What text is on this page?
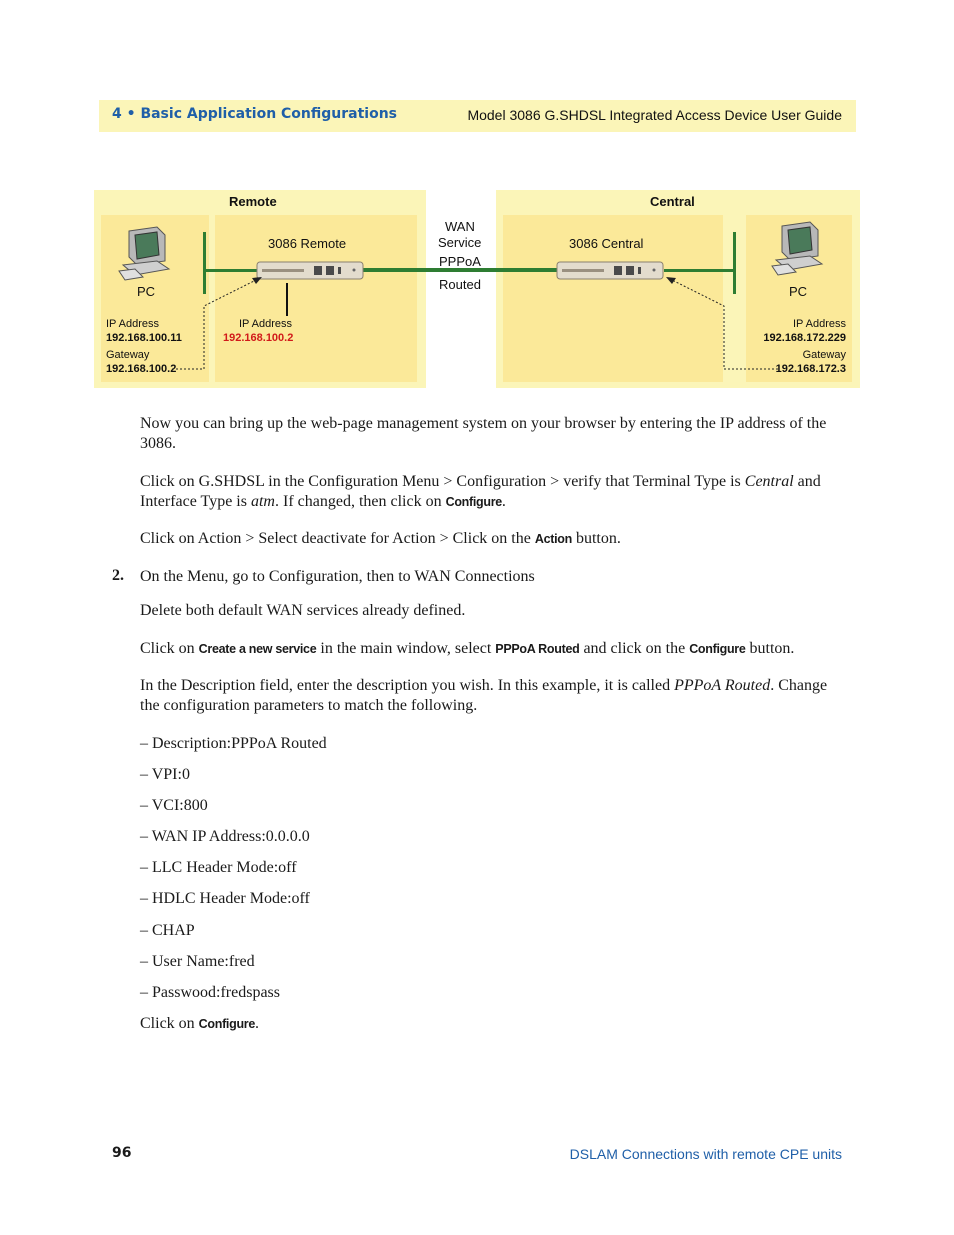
4 • Basic Application Configurations	Model 3086 G.SHDSL Integrated Access Device User Guide
Remote	Central
PC	PC
IP Address
192.168.100.11
Gateway
192.168.100.2
IP Address
192.168.172.229
Gateway
192.168.172.3
3086 Remote	3086 Central
IP Address
192.168.100.2
WAN
Service
PPPoA
Routed
Now you can bring up the web-page management system on your browser by entering the IP address of the 3086.
Click on G.SHDSL in the Configuration Menu > Configuration > verify that Terminal Type is Central and Interface Type is atm. If changed, then click on Configure.
Click on Action > Select deactivate for Action > Click on the Action button.
2. On the Menu, go to Configuration, then to WAN Connections
Delete both default WAN services already defined.
Click on Create a new service in the main window, select PPPoA Routed and click on the Configure button.
In the Description field, enter the description you wish. In this example, it is called PPPoA Routed. Change the configuration parameters to match the following.
– Description:PPPoA Routed
– VPI:0
– VCI:800
– WAN IP Address:0.0.0.0
– LLC Header Mode:off
– HDLC Header Mode:off
– CHAP
– User Name:fred
– Passwood:fredspass
Click on Configure.
96	DSLAM Connections with remote CPE units
